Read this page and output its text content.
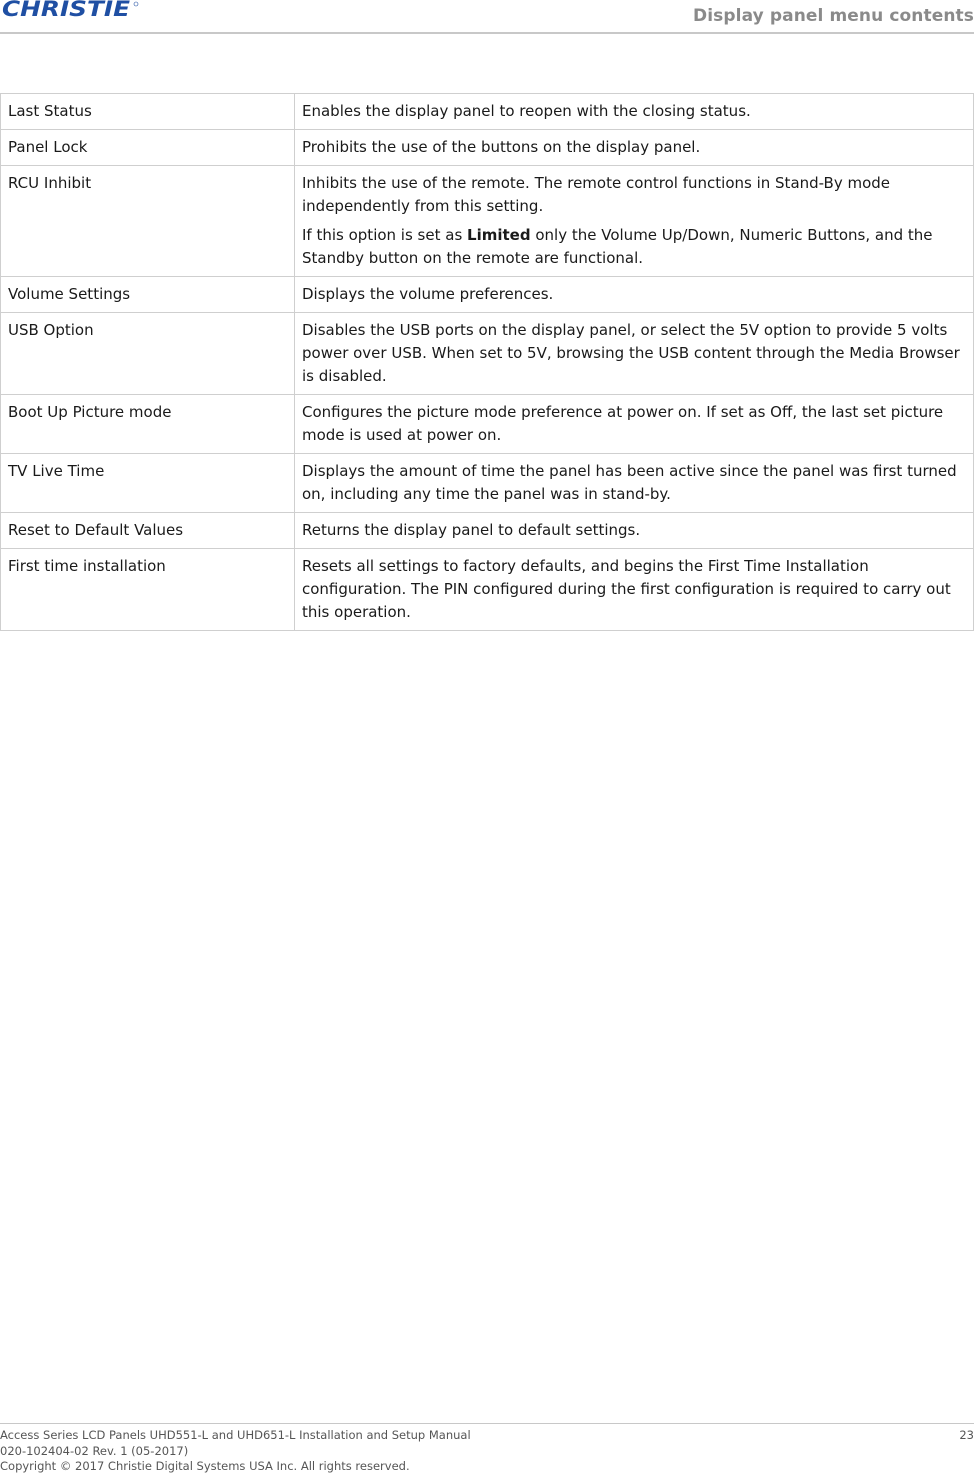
CHRISTIE	Display panel menu contents
Last Status	Enables the display panel to reopen with the closing status.

Panel Lock	Prohibits the use of the buttons on the display panel.

RCU Inhibit	Inhibits the use of the remote. The remote control functions in Stand-By mode independently from this setting.

If this option is set as Limited only the Volume Up/Down, Numeric Buttons, and the Standby button on the remote are functional.

Volume Settings	Displays the volume preferences.

USB Option	Disables the USB ports on the display panel, or select the 5V option to provide 5 volts power over USB. When set to 5V, browsing the USB content through the Media Browser is disabled.

Boot Up Picture mode	Configures the picture mode preference at power on. If set as Off, the last set picture mode is used at power on.

TV Live Time	Displays the amount of time the panel has been active since the panel was first turned on, including any time the panel was in stand-by.

Reset to Default Values	Returns the display panel to default settings.

First time installation	Resets all settings to factory defaults, and begins the First Time Installation configuration. The PIN configured during the first configuration is required to carry out this operation.

Access Series LCD Panels UHD551-L and UHD651-L Installation and Setup Manual
020-102404-02 Rev. 1 (05-2017)
Copyright © 2017 Christie Digital Systems USA Inc. All rights reserved.
23
